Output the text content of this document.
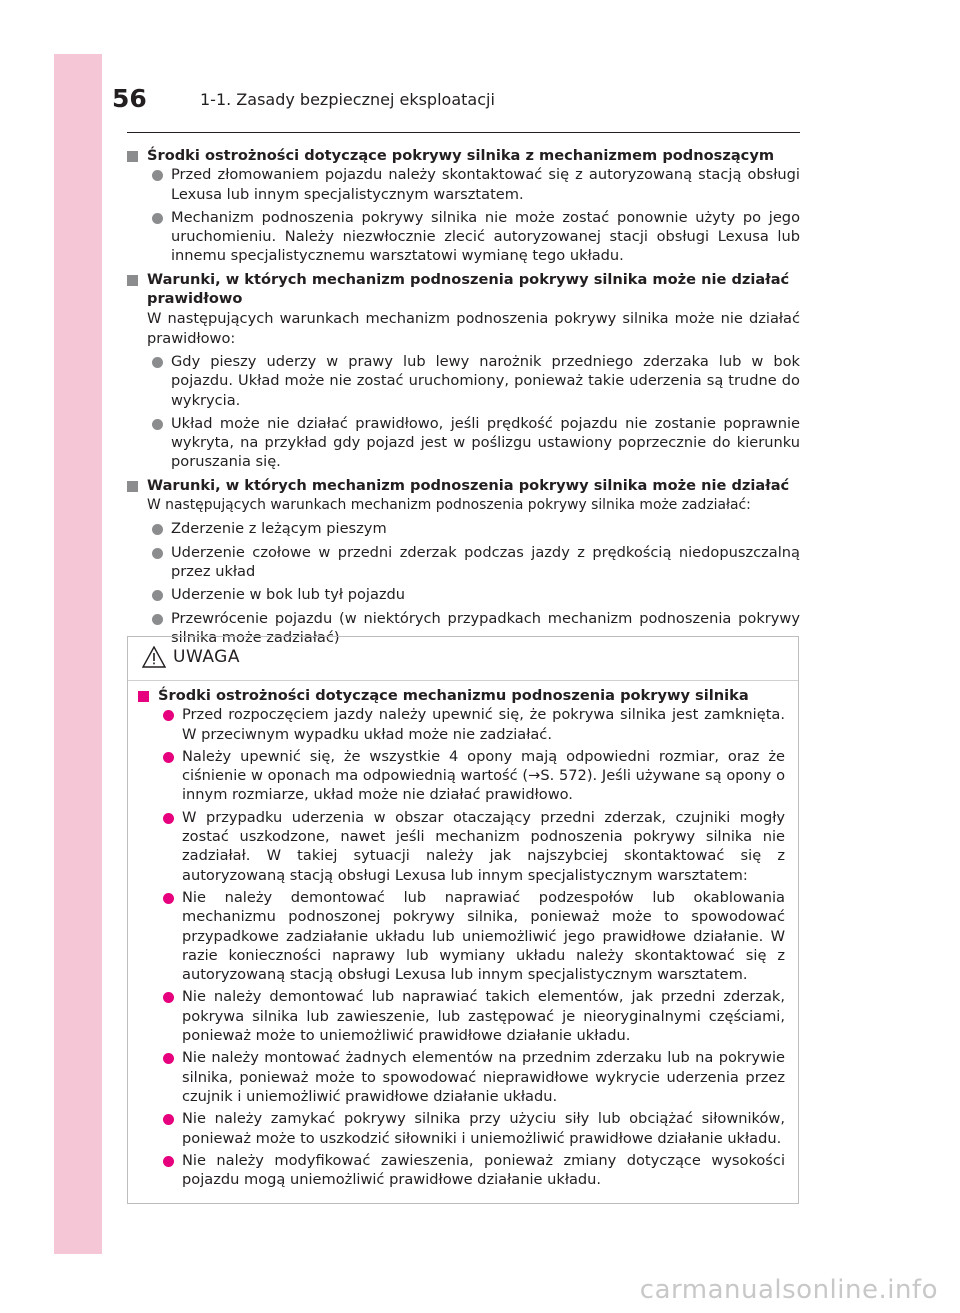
56	1-1. Zasady bezpiecznej eksploatacji
Środki ostrożności dotyczące pokrywy silnika z mechanizmem podnoszącym
Przed złomowaniem pojazdu należy skontaktować się z autoryzowaną stacją obsługi Lexusa lub innym specjalistycznym warsztatem.
Mechanizm podnoszenia pokrywy silnika nie może zostać ponownie użyty po jego uruchomieniu. Należy niezwłocznie zlecić autoryzowanej stacji obsługi Lexusa lub innemu specjalistycznemu warsztatowi wymianę tego układu.
Warunki, w których mechanizm podnoszenia pokrywy silnika może nie działać prawidłowo
W następujących warunkach mechanizm podnoszenia pokrywy silnika może nie działać prawidłowo:
Gdy pieszy uderzy w prawy lub lewy narożnik przedniego zderzaka lub w bok pojazdu. Układ może nie zostać uruchomiony, ponieważ takie uderzenia są trudne do wykrycia.
Układ może nie działać prawidłowo, jeśli prędkość pojazdu nie zostanie poprawnie wykryta, na przykład gdy pojazd jest w poślizgu ustawiony poprzecznie do kierunku poruszania się.
Warunki, w których mechanizm podnoszenia pokrywy silnika może nie działać
W następujących warunkach mechanizm podnoszenia pokrywy silnika może zadziałać:
Zderzenie z leżącym pieszym
Uderzenie czołowe w przedni zderzak podczas jazdy z prędkością niedopuszczalną przez układ
Uderzenie w bok lub tył pojazdu
Przewrócenie pojazdu (w niektórych przypadkach mechanizm podnoszenia pokrywy silnika może zadziałać)
UWAGA
Środki ostrożności dotyczące mechanizmu podnoszenia pokrywy silnika
Przed rozpoczęciem jazdy należy upewnić się, że pokrywa silnika jest zamknięta. W przeciwnym wypadku układ może nie zadziałać.
Należy upewnić się, że wszystkie 4 opony mają odpowiedni rozmiar, oraz że ciśnienie w oponach ma odpowiednią wartość (→S. 572). Jeśli używane są opony o innym rozmiarze, układ może nie działać prawidłowo.
W przypadku uderzenia w obszar otaczający przedni zderzak, czujniki mogły zostać uszkodzone, nawet jeśli mechanizm podnoszenia pokrywy silnika nie zadziałał. W takiej sytuacji należy jak najszybciej skontaktować się z autoryzowaną stacją obsługi Lexusa lub innym specjalistycznym warsztatem:
Nie należy demontować lub naprawiać podzespołów lub okablowania mechanizmu podnoszonej pokrywy silnika, ponieważ może to spowodować przypadkowe zadziałanie układu lub uniemożliwić jego prawidłowe działanie. W razie konieczności naprawy lub wymiany układu należy skontaktować się z autoryzowaną stacją obsługi Lexusa lub innym specjalistycznym warsztatem.
Nie należy demontować lub naprawiać takich elementów, jak przedni zderzak, pokrywa silnika lub zawieszenie, lub zastępować je nieoryginalnymi częściami, ponieważ może to uniemożliwić prawidłowe działanie układu.
Nie należy montować żadnych elementów na przednim zderzaku lub na pokrywie silnika, ponieważ może to spowodować nieprawidłowe wykrycie uderzenia przez czujnik i uniemożliwić prawidłowe działanie układu.
Nie należy zamykać pokrywy silnika przy użyciu siły lub obciążać siłowników, ponieważ może to uszkodzić siłowniki i uniemożliwić prawidłowe działanie układu.
Nie należy modyfikować zawieszenia, ponieważ zmiany dotyczące wysokości pojazdu mogą uniemożliwić prawidłowe działanie układu.
carmanualsonline.info
